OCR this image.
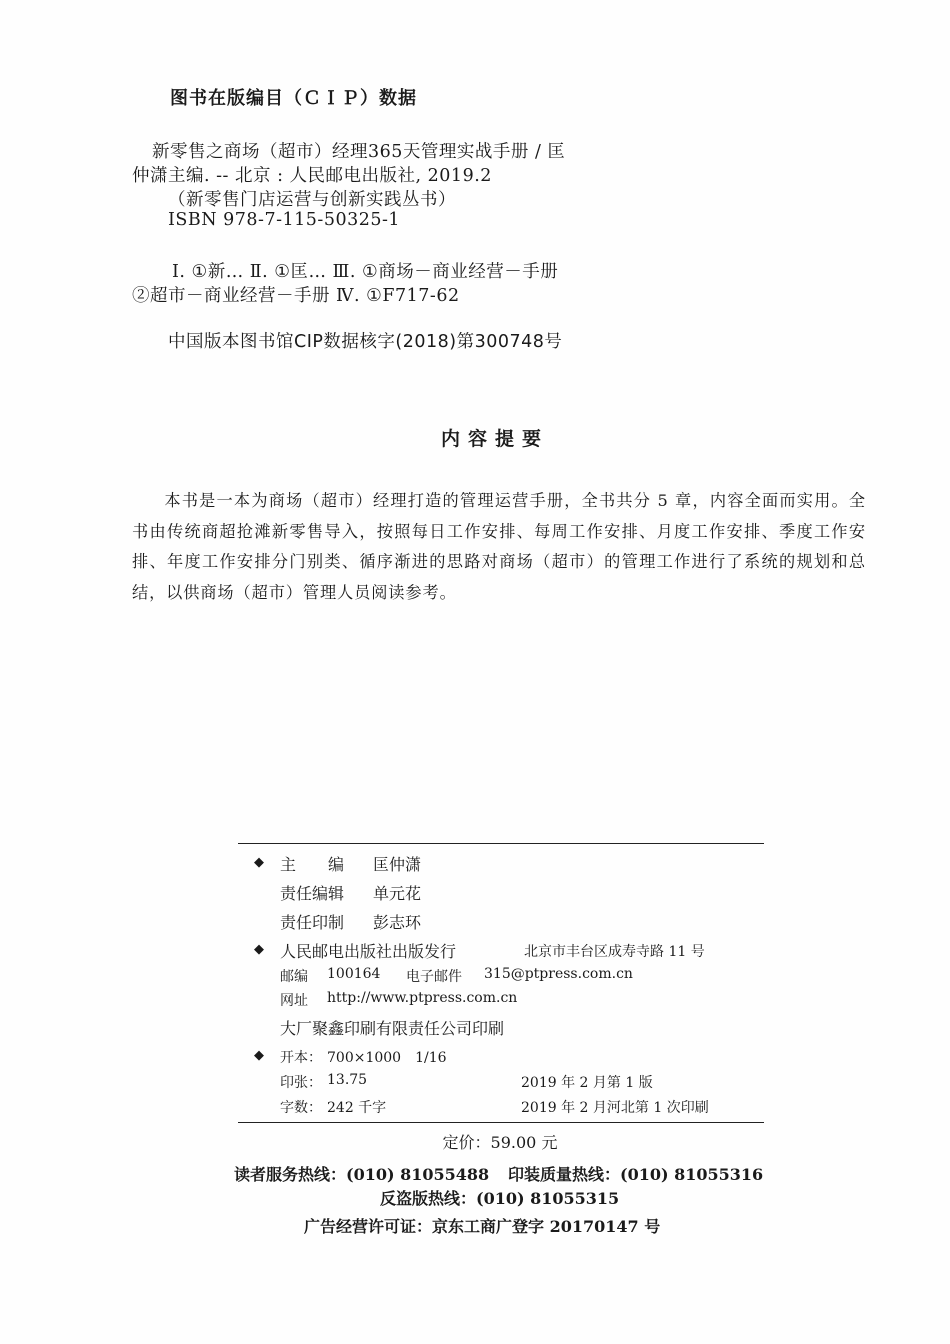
图书在版编目（ＣＩＰ）数据
新零售之商场（超市）经理365天管理实战手册 / 匡
仲潇主编. -- 北京 : 人民邮电出版社, 2019.2
（新零售门店运营与创新实践丛书）
ISBN 978-7-115-50325-1
Ⅰ. ①新… Ⅱ. ①匡… Ⅲ. ①商场－商业经营－手册
②超市－商业经营－手册 Ⅳ. ①F717-62
中国版本图书馆CIP数据核字(2018)第300748号
内容提要
本书是一本为商场（超市）经理打造的管理运营手册，全书共分 5 章，内容全面而实用。全书由传统商超抢滩新零售导入，按照每日工作安排、每周工作安排、月度工作安排、季度工作安排、年度工作安排分门别类、循序渐进的思路对商场（超市）的管理工作进行了系统的规划和总结，以供商场（超市）管理人员阅读参考。
◆ 主　　编 匡仲潇
责任编辑 单元花
责任印制 彭志环
◆ 人民邮电出版社出版发行	北京市丰台区成寿寺路 11 号
邮编 100164 电子邮件 315@ptpress.com.cn
网址 http://www.ptpress.com.cn
大厂聚鑫印刷有限责任公司印刷
◆ 开本： 700×1000　1/16
印张： 13.75	2019 年 2 月第 1 版
字数： 242 千字	2019 年 2 月河北第 1 次印刷
定价：59.00 元
读者服务热线：(010) 81055488 印装质量热线：(010) 81055316
反盗版热线：(010) 81055315
广告经营许可证：京东工商广登字 20170147 号
